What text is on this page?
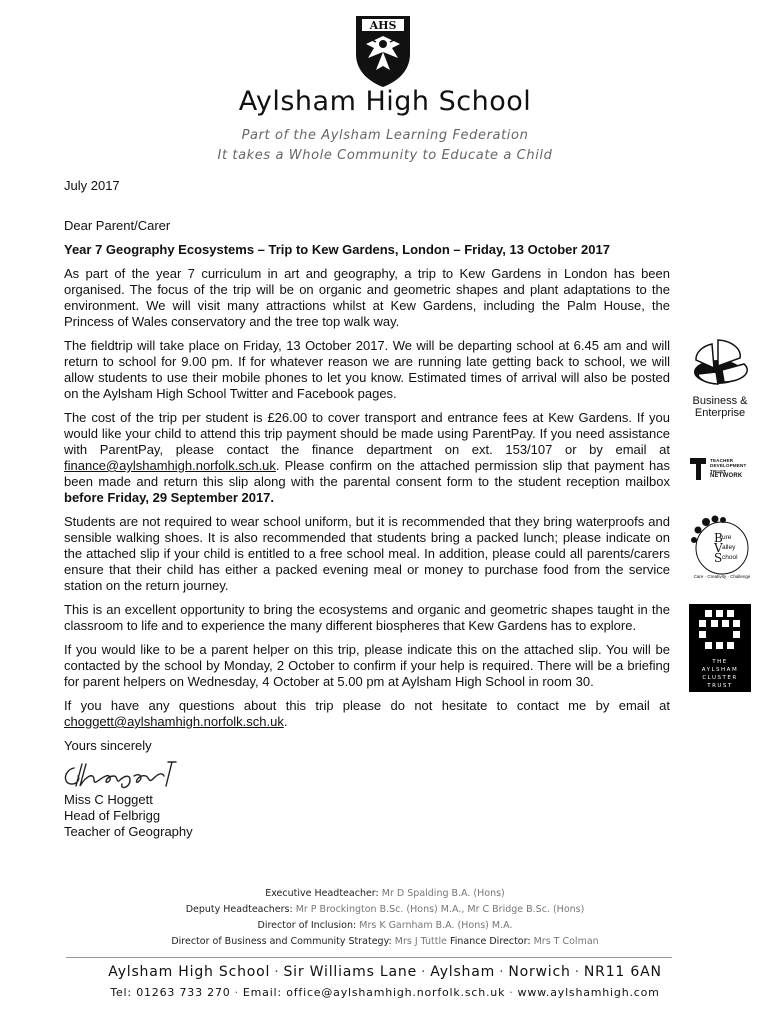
AHS
Aylsham High School
Part of the Aylsham Learning Federation
It takes a Whole Community to Educate a Child

July 2017

Dear Parent/Carer

Year 7 Geography Ecosystems – Trip to Kew Gardens, London – Friday, 13 October 2017

As part of the year 7 curriculum in art and geography, a trip to Kew Gardens in London has been organised. The focus of the trip will be on organic and geometric shapes and plant adaptations to the environment. We will visit many attractions whilst at Kew Gardens, including the Palm House, the Princess of Wales conservatory and the tree top walk way.

The fieldtrip will take place on Friday, 13 October 2017. We will be departing school at 6.45 am and will return to school for 9.00 pm. If for whatever reason we are running late getting back to school, we will allow students to use their mobile phones to let you know. Estimated times of arrival will also be posted on the Aylsham High School Twitter and Facebook pages.

The cost of the trip per student is £26.00 to cover transport and entrance fees at Kew Gardens. If you would like your child to attend this trip payment should be made using ParentPay. If you need assistance with ParentPay, please contact the finance department on ext. 153/107 or by email at finance@aylshamhigh.norfolk.sch.uk. Please confirm on the attached permission slip that payment has been made and return this slip along with the parental consent form to the student reception mailbox before Friday, 29 September 2017.

Students are not required to wear school uniform, but it is recommended that they bring waterproofs and sensible walking shoes. It is also recommended that students bring a packed lunch; please indicate on the attached slip if your child is entitled to a free school meal. In addition, please could all parents/carers ensure that their child has either a packed evening meal or money to purchase food from the service station on the return journey.

This is an excellent opportunity to bring the ecosystems and organic and geometric shapes taught in the classroom to life and to experience the many different biospheres that Kew Gardens has to explore.

If you would like to be a parent helper on this trip, please indicate this on the attached slip. You will be contacted by the school by Monday, 2 October to confirm if your help is required. There will be a briefing for parent helpers on Wednesday, 4 October at 5.00 pm at Aylsham High School in room 30.

If you have any questions about this trip please do not hesitate to contact me by email at choggett@aylshamhigh.norfolk.sch.uk.

Yours sincerely

Miss C Hoggett

Head of Felbrigg

Teacher of Geography

Business &
Enterprise
TEACHER
DEVELOPMENT
TRUST
NETWORK
B ure
V alley
S chool
Care · Creativity · Challenge
THE
AYLSHAM
CLUSTER
TRUST
Executive Headteacher: Mr D Spalding B.A. (Hons)
Deputy Headteachers: Mr P Brockington B.Sc. (Hons) M.A., Mr C Bridge B.Sc. (Hons)
Director of Inclusion: Mrs K Garnham B.A. (Hons) M.A.
Director of Business and Community Strategy: Mrs J Tuttle Finance Director: Mrs T Colman
Aylsham High School · Sir Williams Lane · Aylsham · Norwich · NR11 6AN
Tel: 01263 733 270 · Email: office@aylshamhigh.norfolk.sch.uk · www.aylshamhigh.com
